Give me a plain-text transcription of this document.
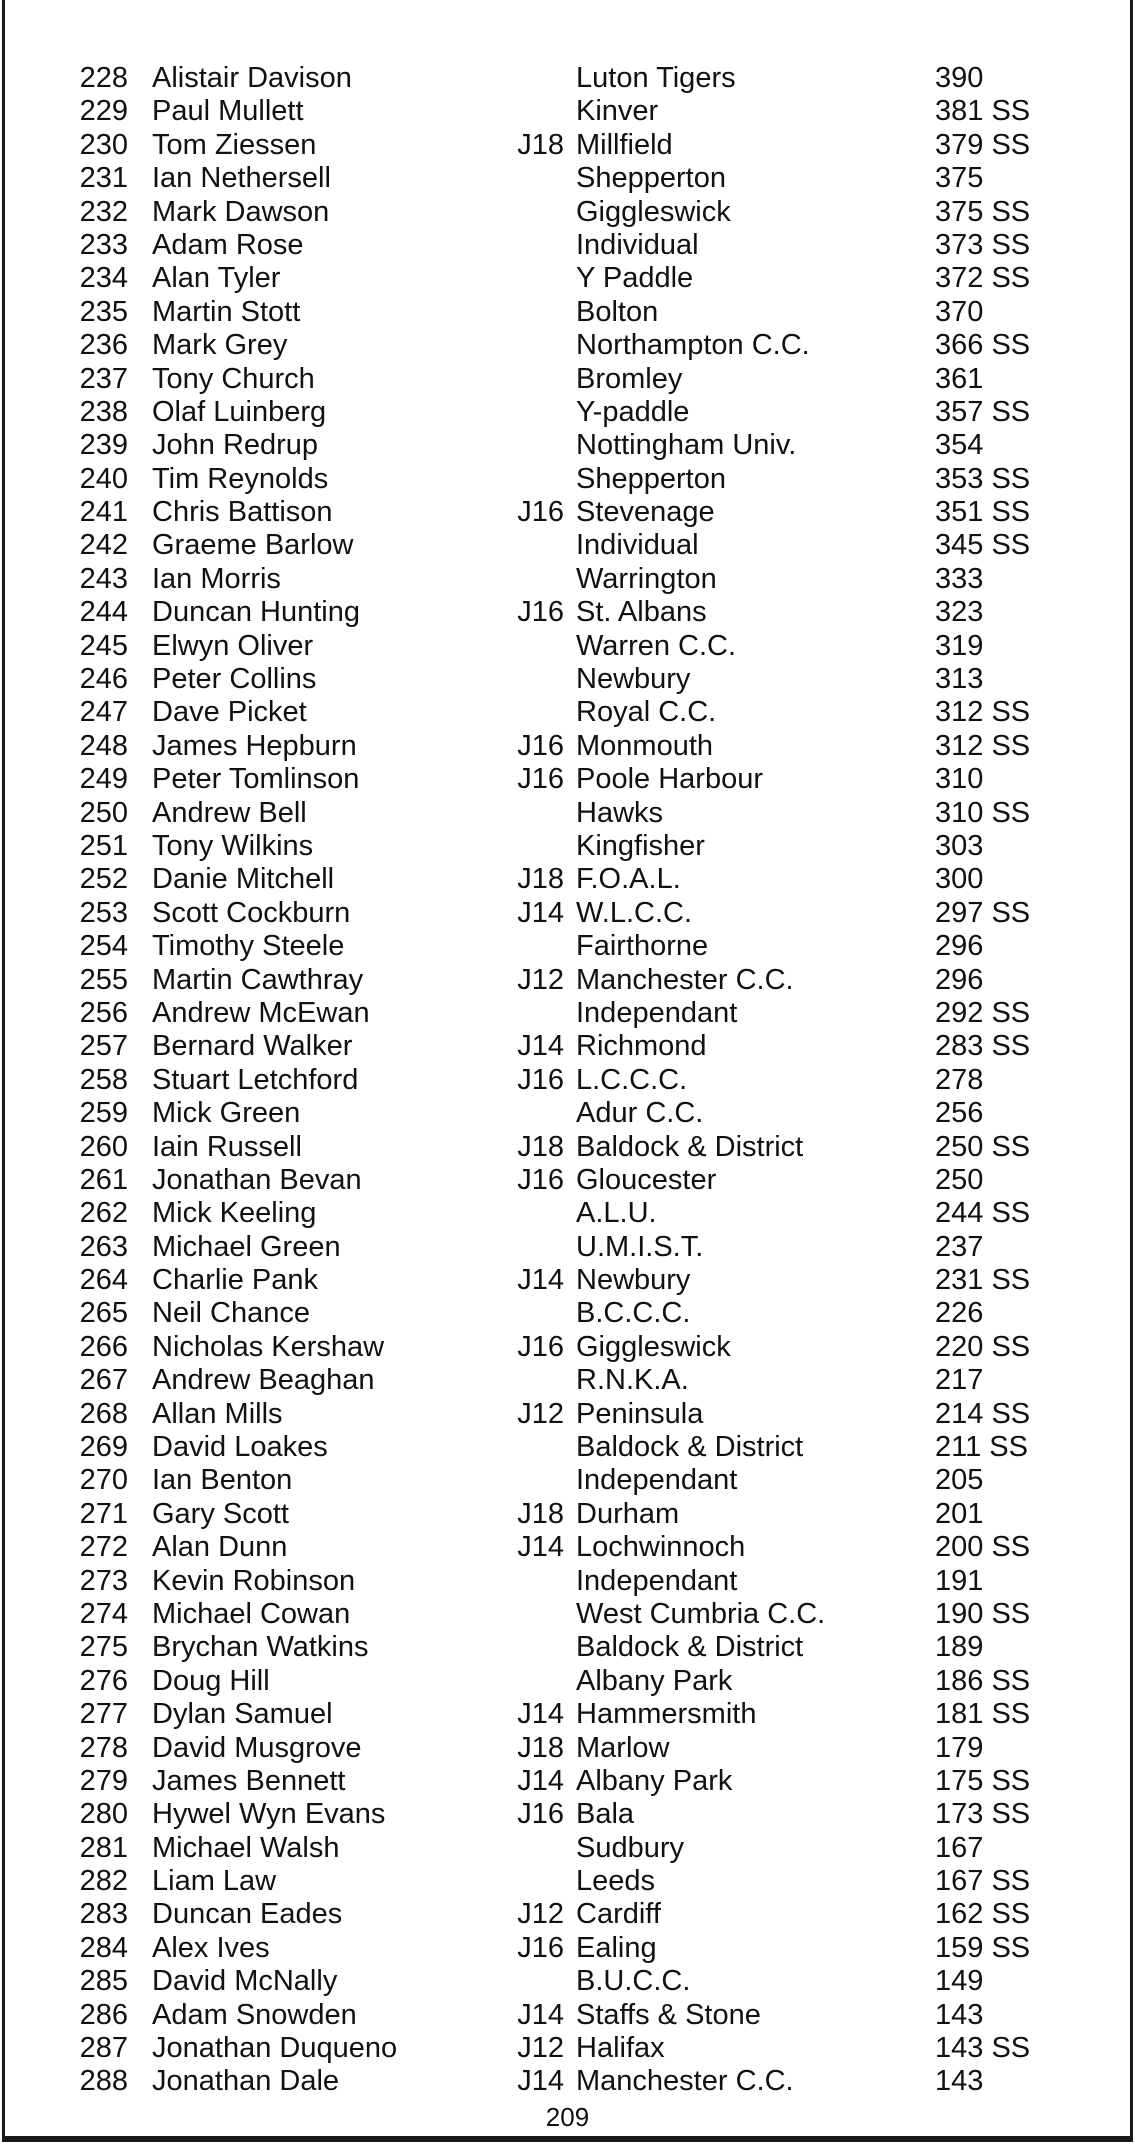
228 Alistair Davison	Luton Tigers	390
229 Paul Mullett	Kinver	381 SS
230 Tom Ziessen	J18 Millfield	379 SS
231 Ian Nethersell	Shepperton	375
232 Mark Dawson	Giggleswick	375 SS
233 Adam Rose	Individual	373 SS
234 Alan Tyler	Y Paddle	372 SS
235 Martin Stott	Bolton	370
236 Mark Grey	Northampton C.C.	366 SS
237 Tony Church	Bromley	361
238 Olaf Luinberg	Y-paddle	357 SS
239 John Redrup	Nottingham Univ.	354
240 Tim Reynolds	Shepperton	353 SS
241 Chris Battison	J16 Stevenage	351 SS
242 Graeme Barlow	Individual	345 SS
243 Ian Morris	Warrington	333
244 Duncan Hunting	J16 St. Albans	323
245 Elwyn Oliver	Warren C.C.	319
246 Peter Collins	Newbury	313
247 Dave Picket	Royal C.C.	312 SS
248 James Hepburn	J16 Monmouth	312 SS
249 Peter Tomlinson	J16 Poole Harbour	310
250 Andrew Bell	Hawks	310 SS
251 Tony Wilkins	Kingfisher	303
252 Danie Mitchell	J18 F.O.A.L.	300
253 Scott Cockburn	J14 W.L.C.C.	297 SS
254 Timothy Steele	Fairthorne	296
255 Martin Cawthray	J12 Manchester C.C.	296
256 Andrew McEwan	Independant	292 SS
257 Bernard Walker	J14 Richmond	283 SS
258 Stuart Letchford	J16 L.C.C.C.	278
259 Mick Green	Adur C.C.	256
260 Iain Russell	J18 Baldock & District	250 SS
261 Jonathan Bevan	J16 Gloucester	250
262 Mick Keeling	A.L.U.	244 SS
263 Michael Green	U.M.I.S.T.	237
264 Charlie Pank	J14 Newbury	231 SS
265 Neil Chance	B.C.C.C.	226
266 Nicholas Kershaw	J16 Giggleswick	220 SS
267 Andrew Beaghan	R.N.K.A.	217
268 Allan Mills	J12 Peninsula	214 SS
269 David Loakes	Baldock & District	211 SS
270 Ian Benton	Independant	205
271 Gary Scott	J18 Durham	201
272 Alan Dunn	J14 Lochwinnoch	200 SS
273 Kevin Robinson	Independant	191
274 Michael Cowan	West Cumbria C.C.	190 SS
275 Brychan Watkins	Baldock & District	189
276 Doug Hill	Albany Park	186 SS
277 Dylan Samuel	J14 Hammersmith	181 SS
278 David Musgrove	J18 Marlow	179
279 James Bennett	J14 Albany Park	175 SS
280 Hywel Wyn Evans	J16 Bala	173 SS
281 Michael Walsh	Sudbury	167
282 Liam Law	Leeds	167 SS
283 Duncan Eades	J12 Cardiff	162 SS
284 Alex Ives	J16 Ealing	159 SS
285 David McNally	B.U.C.C.	149
286 Adam Snowden	J14 Staffs & Stone	143
287 Jonathan Duqueno	J12 Halifax	143 SS
288 Jonathan Dale	J14 Manchester C.C.	143
209
